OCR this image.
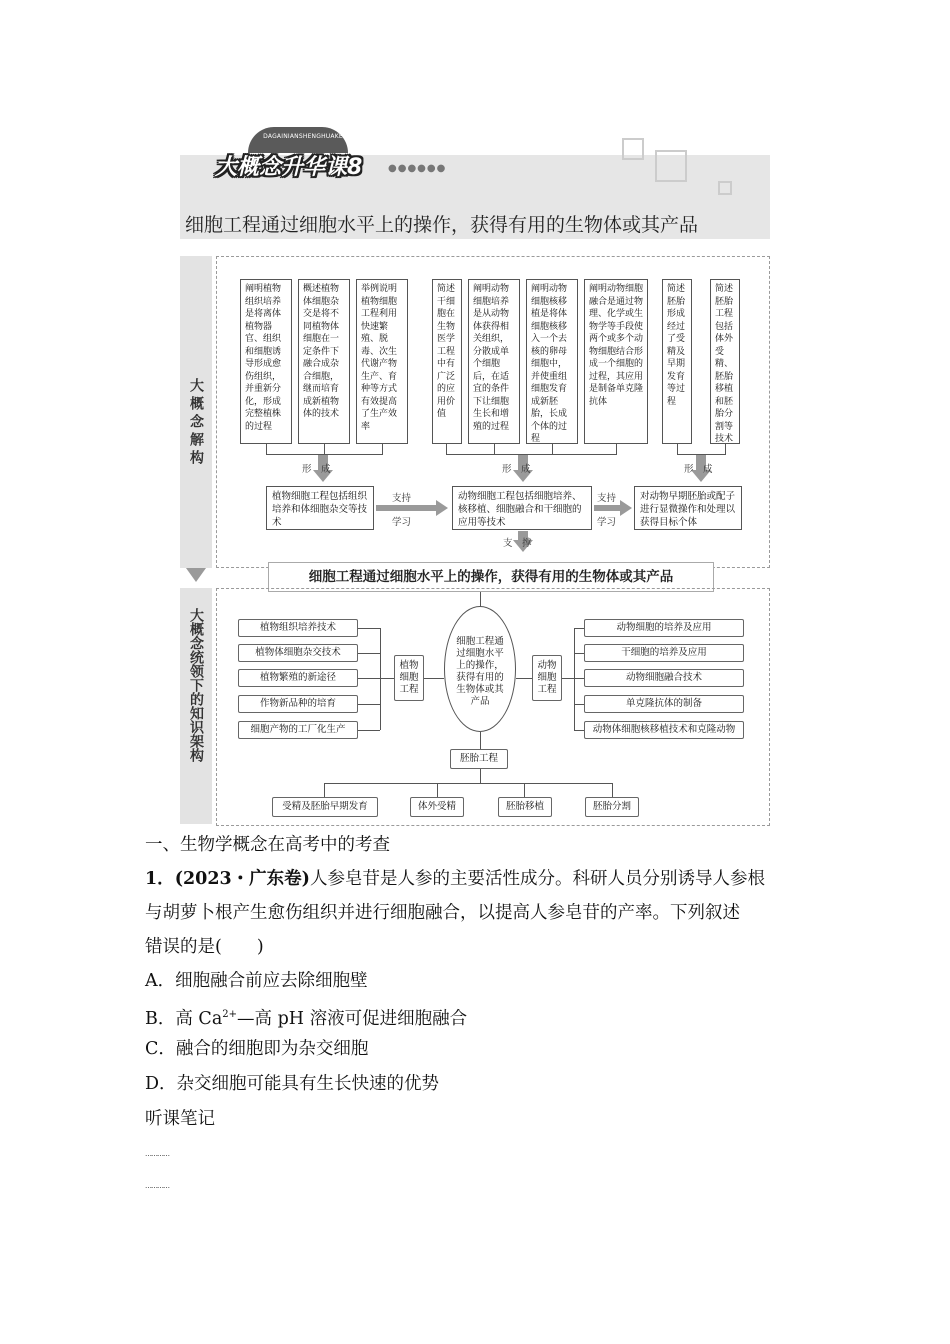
DAGAINIANSHENGHUAKE
大概念升华课8	●●●●●●
细胞工程通过细胞水平上的操作，获得有用的生物体或其产品
大概念解构
阐明植物组织培养是将离体植物器官、组织和细胞诱导形成愈伤组织，并重新分化，形成完整植株的过程
概述植物体细胞杂交是将不同植物体细胞在一定条件下融合成杂合细胞，继而培育成新植物体的技术
举例说明植物细胞工程利用快速繁殖、脱毒、次生代谢产物生产、育种等方式有效提高了生产效率
简述干细胞在生物医学工程中有广泛的应用价值
阐明动物细胞培养是从动物体获得相关组织，分散成单个细胞后，在适宜的条件下让细胞生长和增殖的过程
阐明动物细胞核移植是将体细胞核移入一个去核的卵母细胞中，并使重组细胞发育成新胚胎，长成个体的过程
阐明动物细胞融合是通过物理、化学或生物学等手段使两个或多个动物细胞结合形成一个细胞的过程，其应用是制备单克隆抗体
简述胚胎形成经过了受精及早期发育等过程
简述胚胎工程包括体外受精、胚胎移植和胚胎分割等技术
形　成	形　成	形　成
植物细胞工程包括组织培养和体细胞杂交等技术
动物细胞工程包括细胞培养、核移植、细胞融合和干细胞的应用等技术
对动物早期胚胎或配子进行显微操作和处理以获得目标个体
支持
学习
支持
学习
支　撑
细胞工程通过细胞水平上的操作，获得有用的生物体或其产品
大概念统领下的知识架构	细胞工程通过细胞水平上的操作，获得有用的生物体或其产品
植物细胞工程
植物组织培养技术
植物体细胞杂交技术
植物繁殖的新途径
作物新品种的培育
细胞产物的工厂化生产
动物细胞工程
动物细胞的培养及应用
干细胞的培养及应用
动物细胞融合技术
单克隆抗体的制备
动物体细胞核移植技术和克隆动物
胚胎工程
受精及胚胎早期发育	体外受精	胚胎移植	胚胎分割
一、生物学概念在高考中的考查
1．(2023・广东卷)人参皂苷是人参的主要活性成分。科研人员分别诱导人参根
与胡萝卜根产生愈伤组织并进行细胞融合，以提高人参皂苷的产率。下列叙述
错误的是(　　)
A．细胞融合前应去除细胞壁
B．高 $Ca^{2+}—$高 pH 溶液可促进细胞融合
C．融合的细胞即为杂交细胞
D．杂交细胞可能具有生长快速的优势
听课笔记
…………
…………
